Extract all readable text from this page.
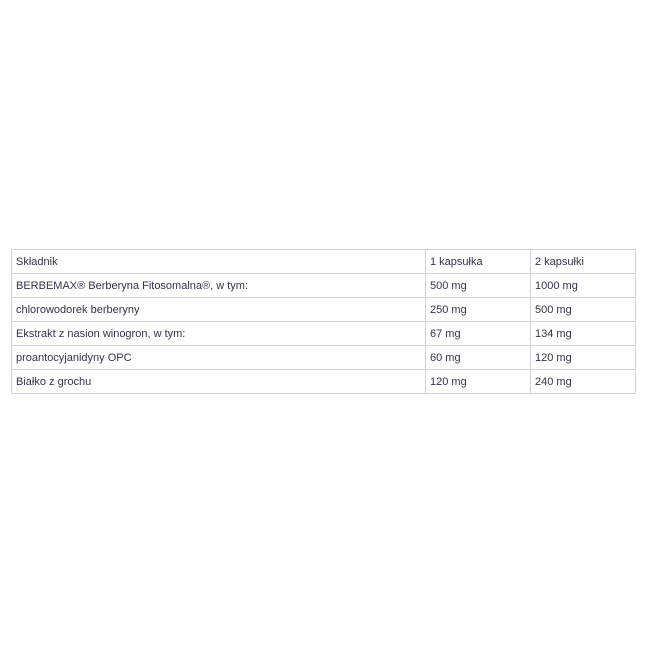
Składnik	1 kapsułka	2 kapsułki
BERBEMAX® Berberyna Fitosomalna®, w tym:	500 mg	1000 mg
chlorowodorek berberyny	250 mg	500 mg
Ekstrakt z nasion winogron, w tym:	67 mg	134 mg
proantocyjanidyny OPC	60 mg	120 mg
Białko z grochu	120 mg	240 mg
